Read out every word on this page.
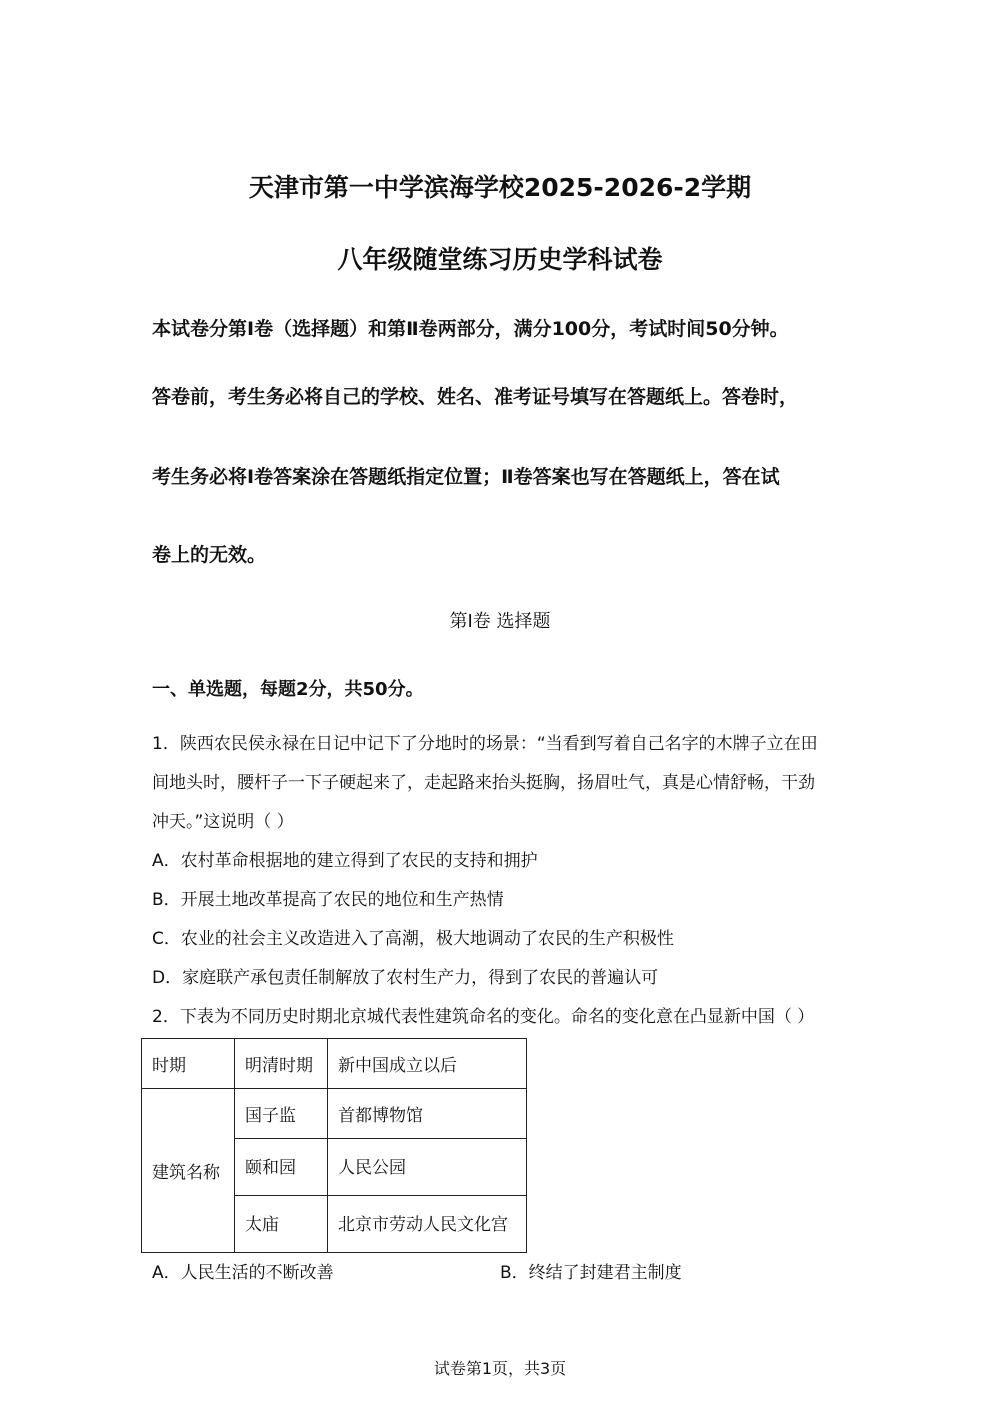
天津市第一中学滨海学校2025-2026-2学期
八年级随堂练习历史学科试卷
本试卷分第Ⅰ卷（选择题）和第Ⅱ卷两部分，满分100分，考试时间50分钟。
答卷前，考生务必将自己的学校、姓名、准考证号填写在答题纸上。答卷时，
考生务必将Ⅰ卷答案涂在答题纸指定位置；Ⅱ卷答案也写在答题纸上，答在试
卷上的无效。
第Ⅰ卷 选择题
一、单选题，每题2分，共50分。
1．陕西农民侯永禄在日记中记下了分地时的场景：“当看到写着自己名字的木牌子立在田
间地头时，腰杆子一下子硬起来了，走起路来抬头挺胸，扬眉吐气，真是心情舒畅，干劲
冲天。”这说明（ ）
A．农村革命根据地的建立得到了农民的支持和拥护
B．开展土地改革提高了农民的地位和生产热情
C．农业的社会主义改造进入了高潮，极大地调动了农民的生产积极性
D．家庭联产承包责任制解放了农村生产力，得到了农民的普遍认可
2．下表为不同历史时期北京城代表性建筑命名的变化。命名的变化意在凸显新中国（ ）
时期	明清时期	新中国成立以后
建筑名称	国子监	首都博物馆
	颐和园	人民公园
	太庙	北京市劳动人民文化宫
A．人民生活的不断改善	B．终结了封建君主制度
试卷第1页，共3页
